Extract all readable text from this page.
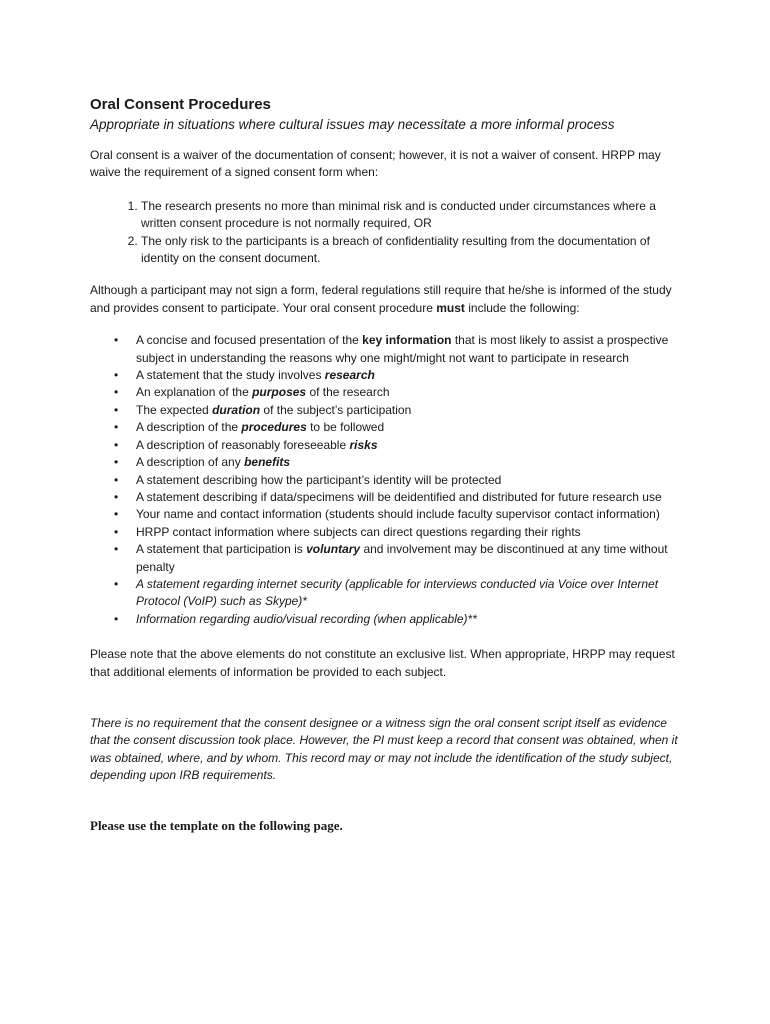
Oral Consent Procedures
Appropriate in situations where cultural issues may necessitate a more informal process

Oral consent is a waiver of the documentation of consent; however, it is not a waiver of consent. HRPP may waive the requirement of a signed consent form when:

1. The research presents no more than minimal risk and is conducted under circumstances where a written consent procedure is not normally required, OR
2. The only risk to the participants is a breach of confidentiality resulting from the documentation of identity on the consent document.

Although a participant may not sign a form, federal regulations still require that he/she is informed of the study and provides consent to participate. Your oral consent procedure must include the following:

• A concise and focused presentation of the key information that is most likely to assist a prospective subject in understanding the reasons why one might/might not want to participate in research
• A statement that the study involves research
• An explanation of the purposes of the research
• The expected duration of the subject’s participation
• A description of the procedures to be followed
• A description of reasonably foreseeable risks
• A description of any benefits
• A statement describing how the participant’s identity will be protected
• A statement describing if data/specimens will be deidentified and distributed for future research use
• Your name and contact information (students should include faculty supervisor contact information)
• HRPP contact information where subjects can direct questions regarding their rights
• A statement that participation is voluntary and involvement may be discontinued at any time without penalty
• A statement regarding internet security (applicable for interviews conducted via Voice over Internet Protocol (VoIP) such as Skype)*
• Information regarding audio/visual recording (when applicable)**

Please note that the above elements do not constitute an exclusive list. When appropriate, HRPP may request that additional elements of information be provided to each subject.

There is no requirement that the consent designee or a witness sign the oral consent script itself as evidence that the consent discussion took place. However, the PI must keep a record that consent was obtained, when it was obtained, where, and by whom. This record may or may not include the identification of the study subject, depending upon IRB requirements.

Please use the template on the following page.
